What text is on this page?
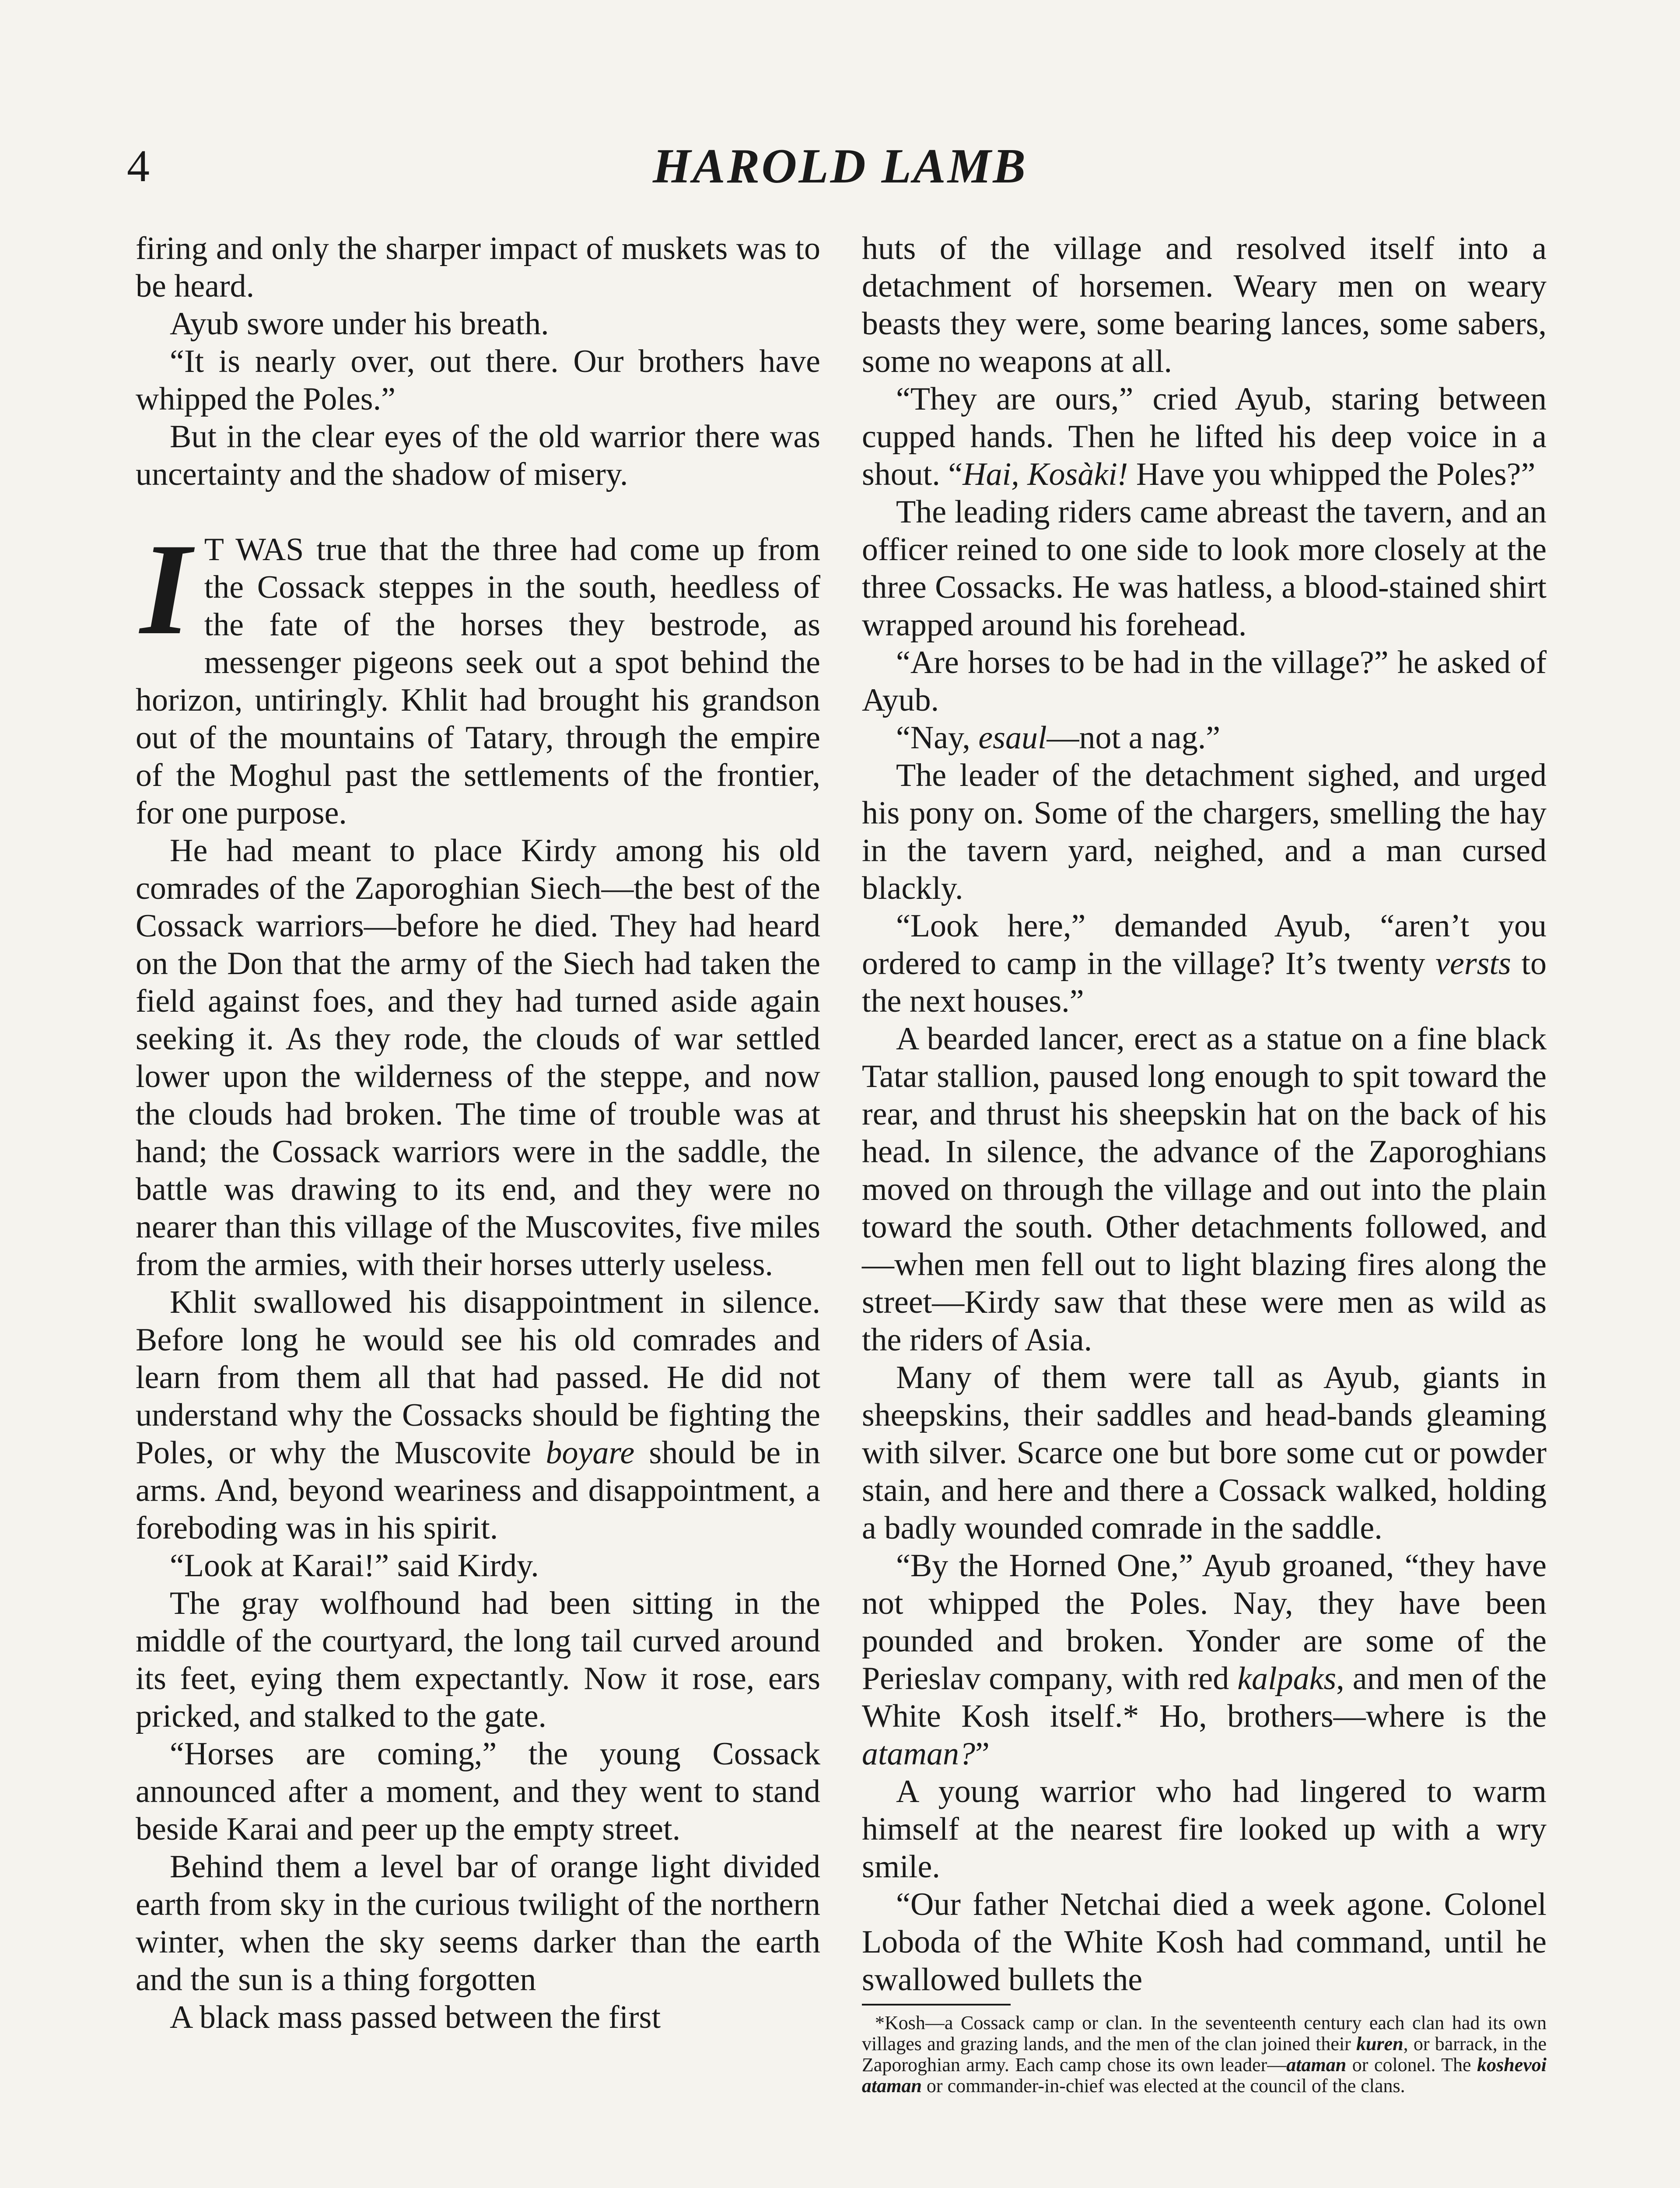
4	HAROLD LAMB

firing and only the sharper impact of muskets was to be heard.

Ayub swore under his breath.

“It is nearly over, out there. Our brothers have whipped the Poles.”

But in the clear eyes of the old warrior there was uncertainty and the shadow of misery.

I T WAS true that the three had come up from the Cossack steppes in the south, heedless of the fate of the horses they bestrode, as messenger pigeons seek out a spot behind the horizon, untiringly. Khlit had brought his grandson out of the mountains of Tatary, through the empire of the Moghul past the settlements of the frontier, for one purpose.

He had meant to place Kirdy among his old comrades of the Zaporoghian Siech—the best of the Cossack warriors—before he died. They had heard on the Don that the army of the Siech had taken the field against foes, and they had turned aside again seeking it. As they rode, the clouds of war settled lower upon the wilderness of the steppe, and now the clouds had broken. The time of trouble was at hand; the Cossack warriors were in the saddle, the battle was drawing to its end, and they were no nearer than this village of the Muscovites, five miles from the armies, with their horses utterly useless.

Khlit swallowed his disappointment in silence. Before long he would see his old comrades and learn from them all that had passed. He did not understand why the Cossacks should be fighting the Poles, or why the Muscovite boyare should be in arms. And, beyond weariness and disappointment, a foreboding was in his spirit.

“Look at Karai!” said Kirdy.

The gray wolfhound had been sitting in the middle of the courtyard, the long tail curved around its feet, eying them expectantly. Now it rose, ears pricked, and stalked to the gate.

“Horses are coming,” the young Cossack announced after a moment, and they went to stand beside Karai and peer up the empty street.

Behind them a level bar of orange light divided earth from sky in the curious twilight of the northern winter, when the sky seems darker than the earth and the sun is a thing forgotten

A black mass passed between the first

huts of the village and resolved itself into a detachment of horsemen. Weary men on weary beasts they were, some bearing lances, some sabers, some no weapons at all.

“They are ours,” cried Ayub, staring between cupped hands. Then he lifted his deep voice in a shout. “Hai, Kosàki! Have you whipped the Poles?”

The leading riders came abreast the tavern, and an officer reined to one side to look more closely at the three Cossacks. He was hatless, a blood-stained shirt wrapped around his forehead.

“Are horses to be had in the village?” he asked of Ayub.

“Nay, esaul—not a nag.”

The leader of the detachment sighed, and urged his pony on. Some of the chargers, smelling the hay in the tavern yard, neighed, and a man cursed blackly.

“Look here,” demanded Ayub, “aren’t you ordered to camp in the village? It’s twenty versts to the next houses.”

A bearded lancer, erect as a statue on a fine black Tatar stallion, paused long enough to spit toward the rear, and thrust his sheepskin hat on the back of his head. In silence, the advance of the Zaporoghians moved on through the village and out into the plain toward the south. Other detachments followed, and—when men fell out to light blazing fires along the street—Kirdy saw that these were men as wild as the riders of Asia.

Many of them were tall as Ayub, giants in sheepskins, their saddles and head-bands gleaming with silver. Scarce one but bore some cut or powder stain, and here and there a Cossack walked, holding a badly wounded comrade in the saddle.

“By the Horned One,” Ayub groaned, “they have not whipped the Poles. Nay, they have been pounded and broken. Yonder are some of the Perieslav company, with red kalpaks, and men of the White Kosh itself.* Ho, brothers—where is the ataman?”

A young warrior who had lingered to warm himself at the nearest fire looked up with a wry smile.

“Our father Netchai died a week agone. Colonel Loboda of the White Kosh had command, until he swallowed bullets the

*Kosh—a Cossack camp or clan. In the seventeenth century each clan had its own villages and grazing lands, and the men of the clan joined their kuren, or barrack, in the Zaporoghian army. Each camp chose its own leader—ataman or colonel. The koshevoi ataman or commander-in-chief was elected at the council of the clans.
